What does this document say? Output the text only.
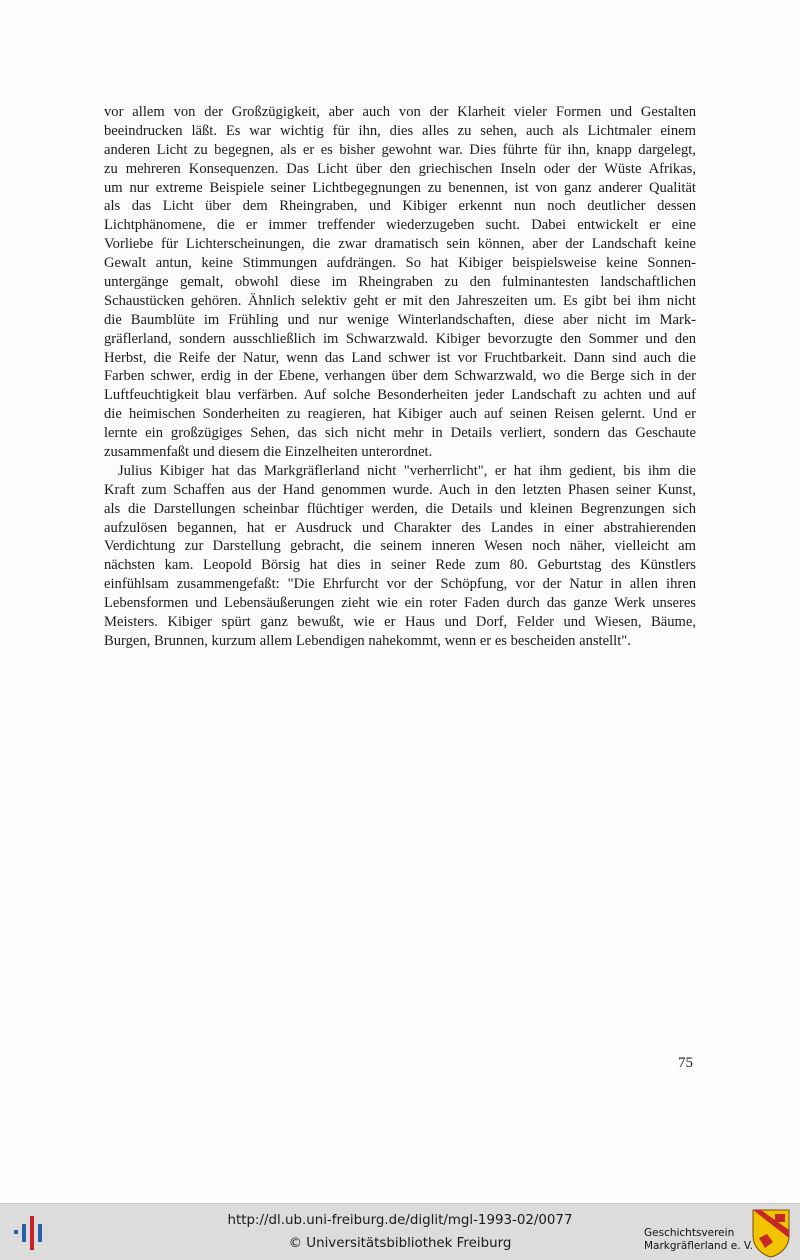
vor allem von der Großzügigkeit, aber auch von der Klarheit vieler Formen und Gestalten
beeindrucken läßt. Es war wichtig für ihn, dies alles zu sehen, auch als Lichtmaler einem
anderen Licht zu begegnen, als er es bisher gewohnt war. Dies führte für ihn, knapp dargelegt,
zu mehreren Konsequenzen. Das Licht über den griechischen Inseln oder der Wüste Afrikas,
um nur extreme Beispiele seiner Lichtbegegnungen zu benennen, ist von ganz anderer Qualität
als das Licht über dem Rheingraben, und Kibiger erkennt nun noch deutlicher dessen
Lichtphänomene, die er immer treffender wiederzugeben sucht. Dabei entwickelt er eine
Vorliebe für Lichterscheinungen, die zwar dramatisch sein können, aber der Landschaft keine
Gewalt antun, keine Stimmungen aufdrängen. So hat Kibiger beispielsweise keine Sonnen-
untergänge gemalt, obwohl diese im Rheingraben zu den fulminantesten landschaftlichen
Schaustücken gehören. Ähnlich selektiv geht er mit den Jahreszeiten um. Es gibt bei ihm nicht
die Baumblüte im Frühling und nur wenige Winterlandschaften, diese aber nicht im Mark-
gräflerland, sondern ausschließlich im Schwarzwald. Kibiger bevorzugte den Sommer und den
Herbst, die Reife der Natur, wenn das Land schwer ist vor Fruchtbarkeit. Dann sind auch die
Farben schwer, erdig in der Ebene, verhangen über dem Schwarzwald, wo die Berge sich in der
Luftfeuchtigkeit blau verfärben. Auf solche Besonderheiten jeder Landschaft zu achten und auf
die heimischen Sonderheiten zu reagieren, hat Kibiger auch auf seinen Reisen gelernt. Und er
lernte ein großzügiges Sehen, das sich nicht mehr in Details verliert, sondern das Geschaute
zusammenfaßt und diesem die Einzelheiten unterordnet.
Julius Kibiger hat das Markgräflerland nicht "verherrlicht", er hat ihm gedient, bis ihm die
Kraft zum Schaffen aus der Hand genommen wurde. Auch in den letzten Phasen seiner Kunst,
als die Darstellungen scheinbar flüchtiger werden, die Details und kleinen Begrenzungen sich
aufzulösen begannen, hat er Ausdruck und Charakter des Landes in einer abstrahierenden
Verdichtung zur Darstellung gebracht, die seinem inneren Wesen noch näher, vielleicht am
nächsten kam. Leopold Börsig hat dies in seiner Rede zum 80. Geburtstag des Künstlers
einfühlsam zusammengefaßt: "Die Ehrfurcht vor der Schöpfung, vor der Natur in allen ihren
Lebensformen und Lebensäußerungen zieht wie ein roter Faden durch das ganze Werk unseres
Meisters. Kibiger spürt ganz bewußt, wie er Haus und Dorf, Felder und Wiesen, Bäume,
Burgen, Brunnen, kurzum allem Lebendigen nahekommt, wenn er es bescheiden anstellt".
75
http://dl.ub.uni-freiburg.de/diglit/mgl-1993-02/0077
© Universitätsbibliothek Freiburg
Geschichtsverein
Markgräflerland e. V.
